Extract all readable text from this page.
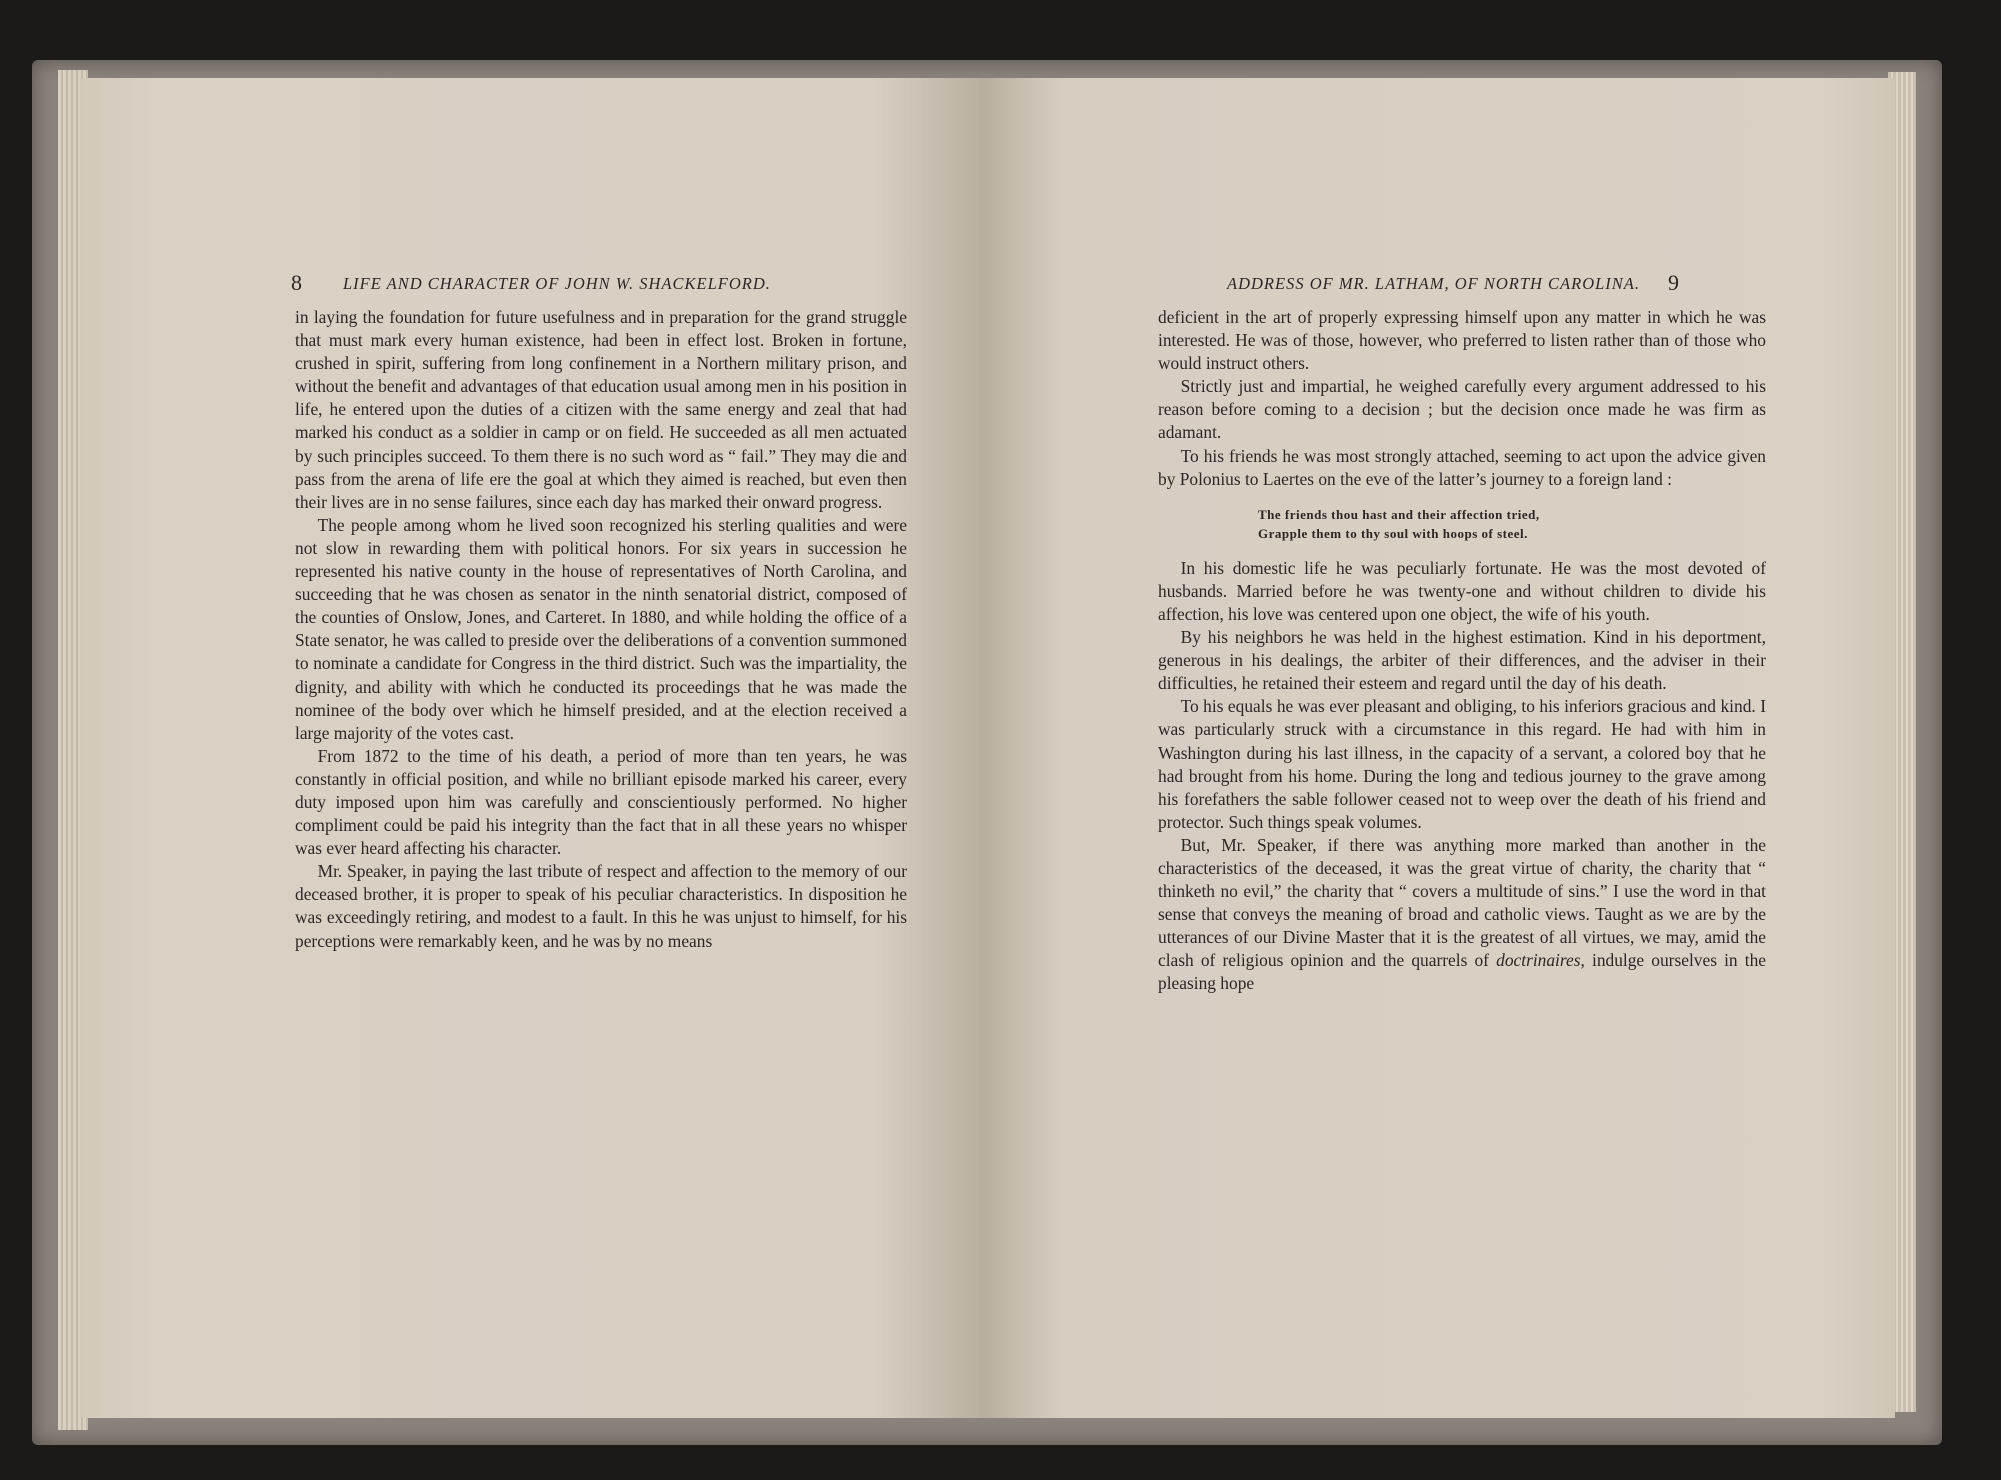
8 LIFE AND CHARACTER OF JOHN W. SHACKELFORD.

in laying the foundation for future usefulness and in preparation for the grand struggle that must mark every human existence, had been in effect lost. Broken in fortune, crushed in spirit, suffering from long confinement in a Northern military prison, and without the benefit and advantages of that education usual among men in his position in life, he entered upon the duties of a citizen with the same energy and zeal that had marked his conduct as a soldier in camp or on field. He succeeded as all men actuated by such principles succeed. To them there is no such word as “ fail.” They may die and pass from the arena of life ere the goal at which they aimed is reached, but even then their lives are in no sense failures, since each day has marked their onward progress.

The people among whom he lived soon recognized his sterling qualities and were not slow in rewarding them with political honors. For six years in succession he represented his native county in the house of representatives of North Carolina, and succeeding that he was chosen as senator in the ninth senatorial district, composed of the counties of Onslow, Jones, and Carteret. In 1880, and while holding the office of a State senator, he was called to preside over the deliberations of a convention summoned to nominate a candidate for Congress in the third district. Such was the impartiality, the dignity, and ability with which he conducted its proceedings that he was made the nominee of the body over which he himself presided, and at the election received a large majority of the votes cast.

From 1872 to the time of his death, a period of more than ten years, he was constantly in official position, and while no brilliant episode marked his career, every duty imposed upon him was carefully and conscientiously performed. No higher compliment could be paid his integrity than the fact that in all these years no whisper was ever heard affecting his character.

Mr. Speaker, in paying the last tribute of respect and affection to the memory of our deceased brother, it is proper to speak of his peculiar characteristics. In disposition he was exceedingly retiring, and modest to a fault. In this he was unjust to himself, for his perceptions were remarkably keen, and he was by no means

ADDRESS OF MR. LATHAM, OF NORTH CAROLINA. 9

deficient in the art of properly expressing himself upon any matter in which he was interested. He was of those, however, who preferred to listen rather than of those who would instruct others.

Strictly just and impartial, he weighed carefully every argument addressed to his reason before coming to a decision ; but the decision once made he was firm as adamant.

To his friends he was most strongly attached, seeming to act upon the advice given by Polonius to Laertes on the eve of the latter’s journey to a foreign land :

The friends thou hast and their affection tried,
Grapple them to thy soul with hoops of steel.

In his domestic life he was peculiarly fortunate. He was the most devoted of husbands. Married before he was twenty-one and without children to divide his affection, his love was centered upon one object, the wife of his youth.

By his neighbors he was held in the highest estimation. Kind in his deportment, generous in his dealings, the arbiter of their differences, and the adviser in their difficulties, he retained their esteem and regard until the day of his death.

To his equals he was ever pleasant and obliging, to his inferiors gracious and kind. I was particularly struck with a circumstance in this regard. He had with him in Washington during his last illness, in the capacity of a servant, a colored boy that he had brought from his home. During the long and tedious journey to the grave among his forefathers the sable follower ceased not to weep over the death of his friend and protector. Such things speak volumes.

But, Mr. Speaker, if there was anything more marked than another in the characteristics of the deceased, it was the great virtue of charity, the charity that “ thinketh no evil,” the charity that “ covers a multitude of sins.” I use the word in that sense that conveys the meaning of broad and catholic views. Taught as we are by the utterances of our Divine Master that it is the greatest of all virtues, we may, amid the clash of religious opinion and the quarrels of doctrinaires, indulge ourselves in the pleasing hope
